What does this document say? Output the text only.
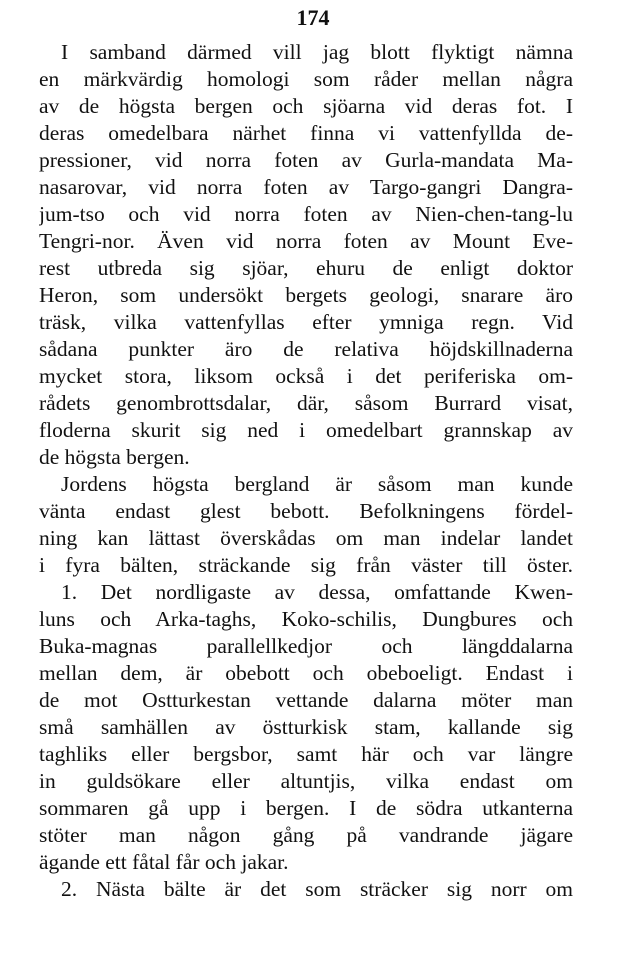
174
I samband därmed vill jag blott flyktigt nämna
en märkvärdig homologi som råder mellan några
av de högsta bergen och sjöarna vid deras fot. I
deras omedelbara närhet finna vi vattenfyllda de-
pressioner, vid norra foten av Gurla-mandata Ma-
nasarovar, vid norra foten av Targo-gangri Dangra-
jum-tso och vid norra foten av Nien-chen-tang-lu
Tengri-nor. Även vid norra foten av Mount Eve-
rest utbreda sig sjöar, ehuru de enligt doktor
Heron, som undersökt bergets geologi, snarare äro
träsk, vilka vattenfyllas efter ymniga regn. Vid
sådana punkter äro de relativa höjdskillnaderna
mycket stora, liksom också i det periferiska om-
rådets genombrottsdalar, där, såsom Burrard visat,
floderna skurit sig ned i omedelbart grannskap av
de högsta bergen.
Jordens högsta bergland är såsom man kunde
vänta endast glest bebott. Befolkningens fördel-
ning kan lättast överskådas om man indelar landet
i fyra bälten, sträckande sig från väster till öster.
1. Det nordligaste av dessa, omfattande Kwen-
luns och Arka-taghs, Koko-schilis, Dungbures och
Buka-magnas parallellkedjor och längddalarna
mellan dem, är obebott och obeboeligt. Endast i
de mot Ostturkestan vettande dalarna möter man
små samhällen av östturkisk stam, kallande sig
taghliks eller bergsbor, samt här och var längre
in guldsökare eller altuntjis, vilka endast om
sommaren gå upp i bergen. I de södra utkanterna
stöter man någon gång på vandrande jägare
ägande ett fåtal får och jakar.
2. Nästa bälte är det som sträcker sig norr om
